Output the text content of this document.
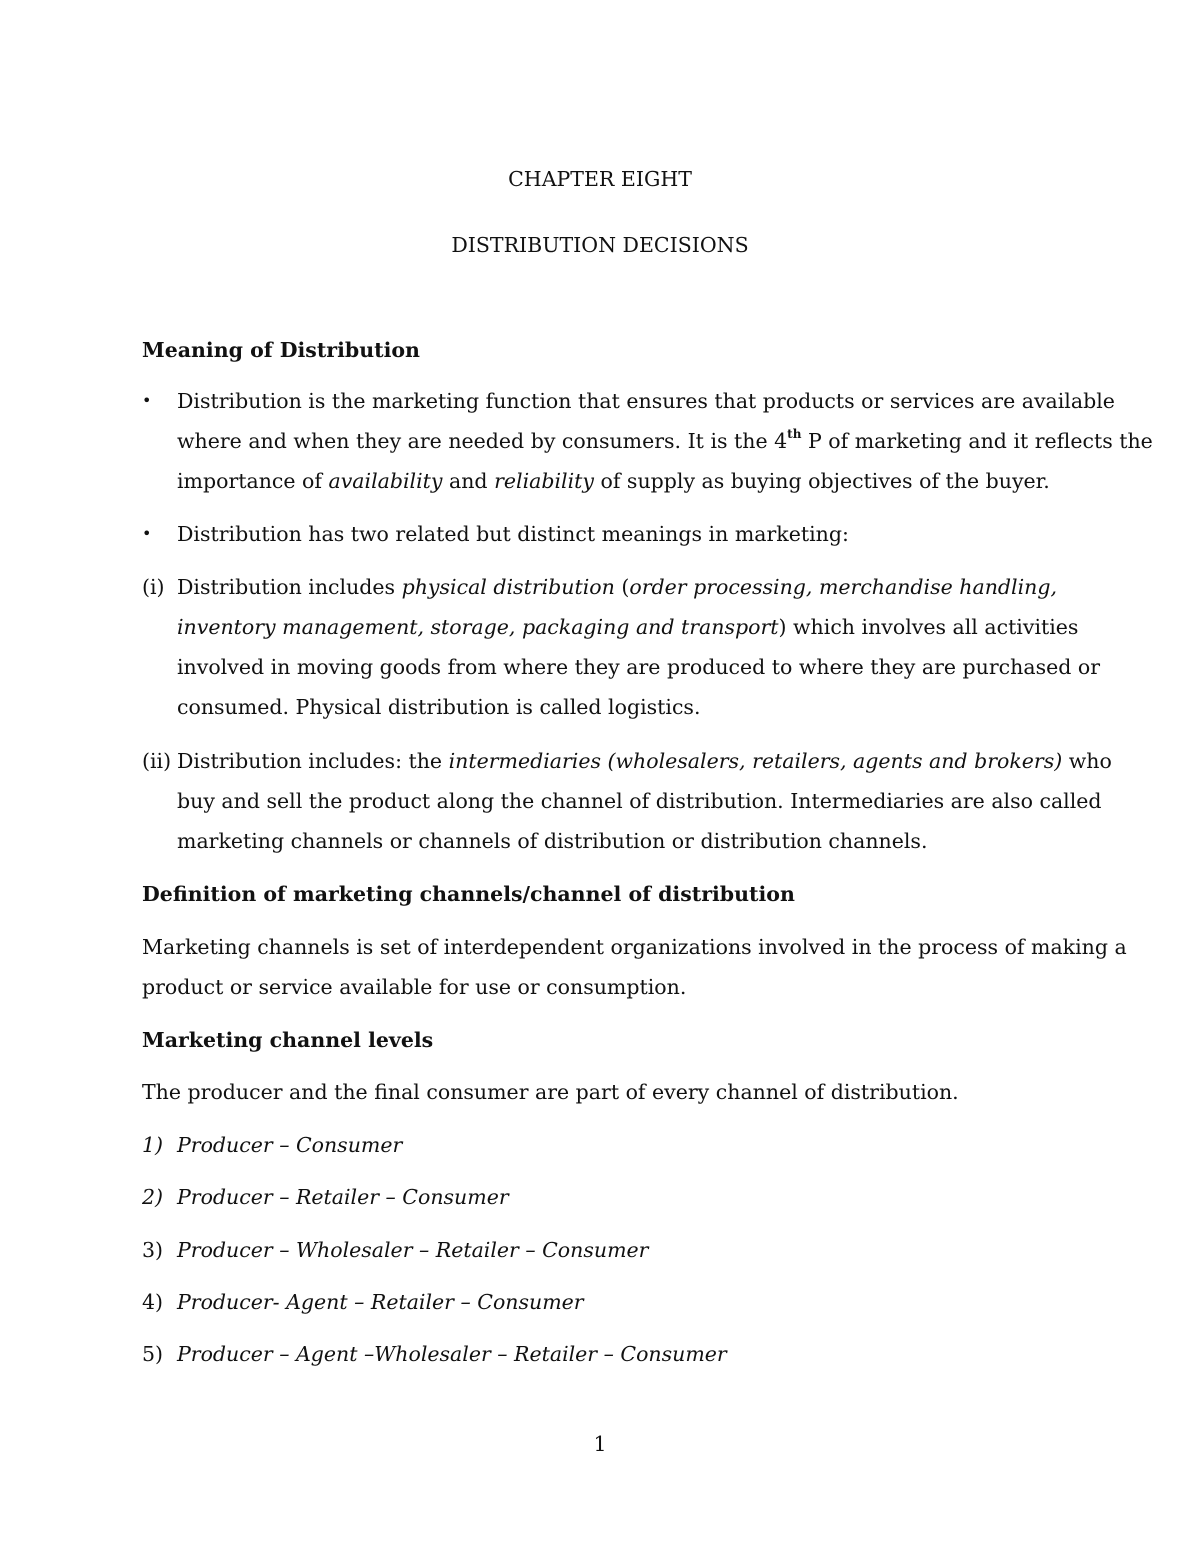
CHAPTER EIGHT
DISTRIBUTION DECISIONS
Meaning of Distribution
• Distribution is the marketing function that ensures that products or services are available
where and when they are needed by consumers. It is the 4th P of marketing and it reflects the
importance of availability and reliability of supply as buying objectives of the buyer.
• Distribution has two related but distinct meanings in marketing:
(i) Distribution includes physical distribution (order processing, merchandise handling,
inventory management, storage, packaging and transport) which involves all activities
involved in moving goods from where they are produced to where they are purchased or
consumed. Physical distribution is called logistics.
(ii) Distribution includes: the intermediaries (wholesalers, retailers, agents and brokers) who
buy and sell the product along the channel of distribution. Intermediaries are also called
marketing channels or channels of distribution or distribution channels.
Definition of marketing channels/channel of distribution
Marketing channels is set of interdependent organizations involved in the process of making a
product or service available for use or consumption.
Marketing channel levels
The producer and the final consumer are part of every channel of distribution.
1) Producer – Consumer
2) Producer – Retailer – Consumer
3) Producer – Wholesaler – Retailer – Consumer
4) Producer- Agent – Retailer – Consumer
5) Producer – Agent –Wholesaler – Retailer – Consumer
1
